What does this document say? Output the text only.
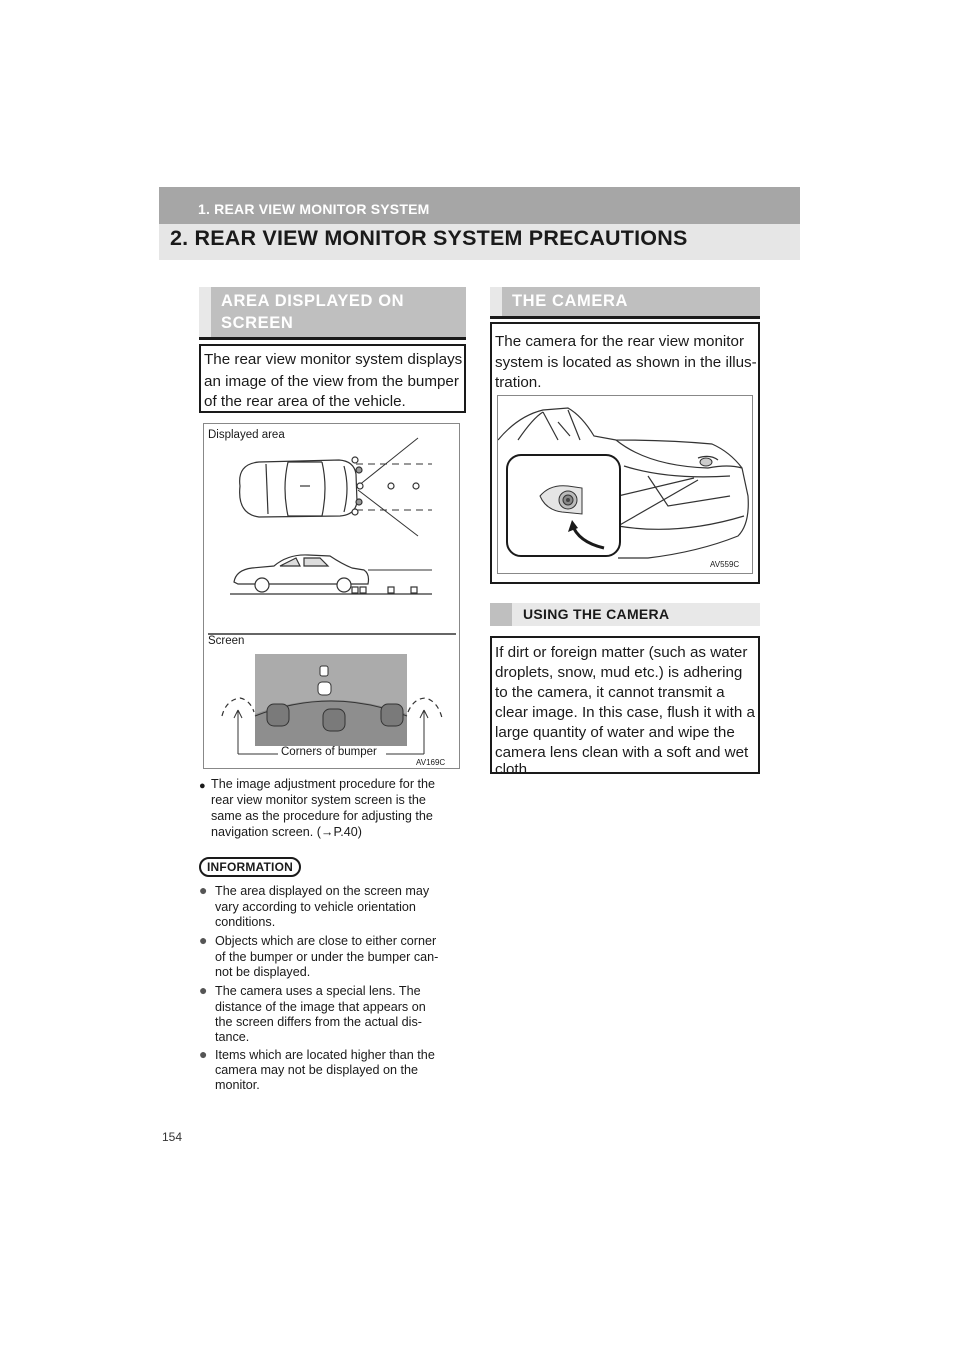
1. REAR VIEW MONITOR SYSTEM
2. REAR VIEW MONITOR SYSTEM PRECAUTIONS
AREA DISPLAYED ON
SCREEN
The rear view monitor system displays
an image of the view from the bumper
of the rear area of the vehicle.
Displayed area
Screen
Corners of bumper
AV169C
● The image adjustment procedure for the
rear view monitor system screen is the
same as the procedure for adjusting the
navigation screen. (→P.40)
INFORMATION
● The area displayed on the screen may
vary according to vehicle orientation
conditions.
● Objects which are close to either corner
of the bumper or under the bumper can-
not be displayed.
● The camera uses a special lens. The
distance of the image that appears on
the screen differs from the actual dis-
tance.
● Items which are located higher than the
camera may not be displayed on the
monitor.
THE CAMERA
The camera for the rear view monitor
system is located as shown in the illus-
tration.
AV559C
USING THE CAMERA
If dirt or foreign matter (such as water
droplets, snow, mud etc.) is adhering
to the camera, it cannot transmit a
clear image. In this case, flush it with a
large quantity of water and wipe the
camera lens clean with a soft and wet
cloth.
154
